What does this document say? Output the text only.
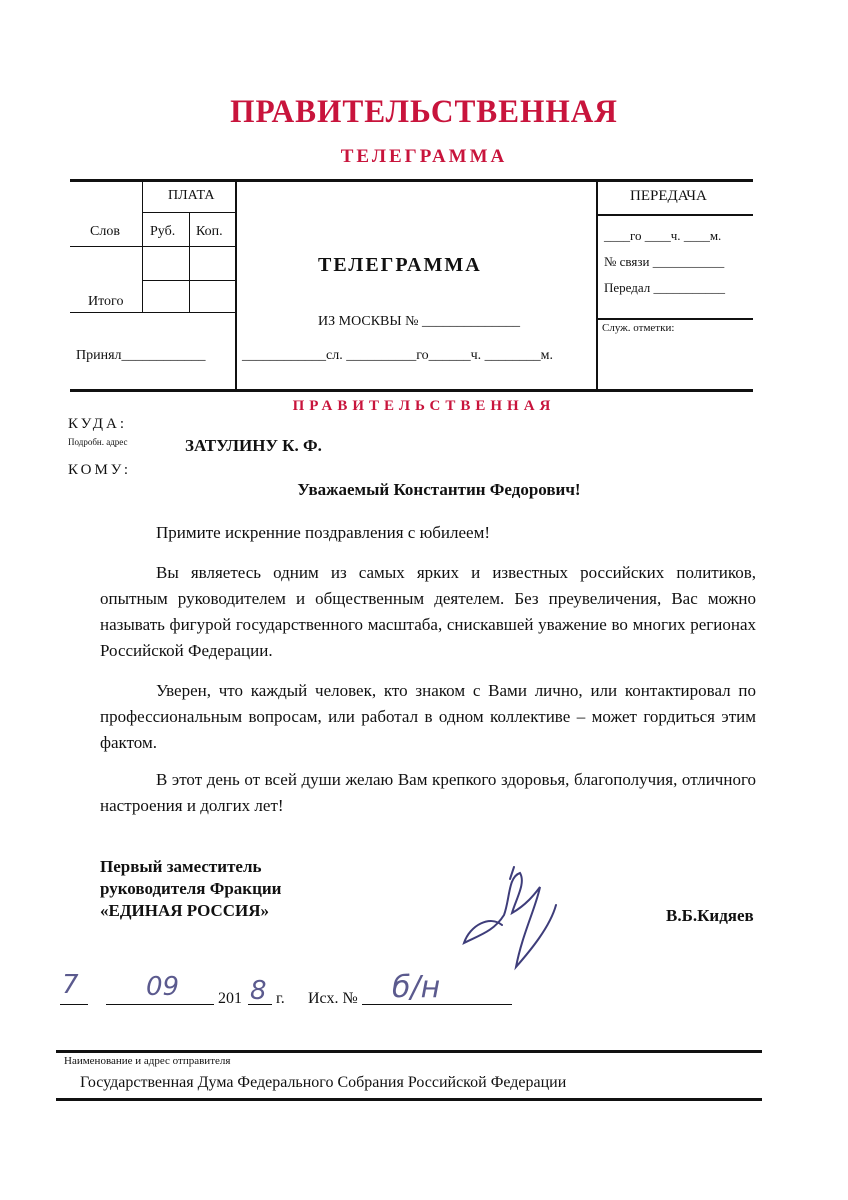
ПРАВИТЕЛЬСТВЕННАЯ
ТЕЛЕГРАММА
ПЛАТА
Слов Руб. Коп.
Итого
Принял____________
ИЗ МОСКВЫ № ______________
____________сл. __________го______ч. ________м.
ПЕРЕДАЧА
____го ____ч. ____м.
№ связи ___________
Передал ___________
Служ. отметки:
ТЕЛЕГРАММА
ПРАВИТЕЛЬСТВЕННАЯ
КУДА:
Подробн. адрес
КОМУ:
ЗАТУЛИНУ К. Ф.
Уважаемый Константин Федорович!
Примите искренние поздравления с юбилеем!
Вы являетесь одним из самых ярких и известных российских политиков, опытным руководителем и общественным деятелем. Без преувеличения, Вас можно называть фигурой государственного масштаба, снискавшей уважение во многих регионах Российской Федерации.
Уверен, что каждый человек, кто знаком с Вами лично, или контактировал по профессиональным вопросам, или работал в одном коллективе – может гордиться этим фактом.
В этот день от всей души желаю Вам крепкого здоровья, благополучия, отличного настроения и долгих лет!
Первый заместитель
руководителя Фракции
«ЕДИНАЯ РОССИЯ»	В.Б.Кидяев
7	09 201 8 г. Исх. № б/н
Наименование и адрес отправителя
Государственная Дума Федерального Собрания Российской Федерации
